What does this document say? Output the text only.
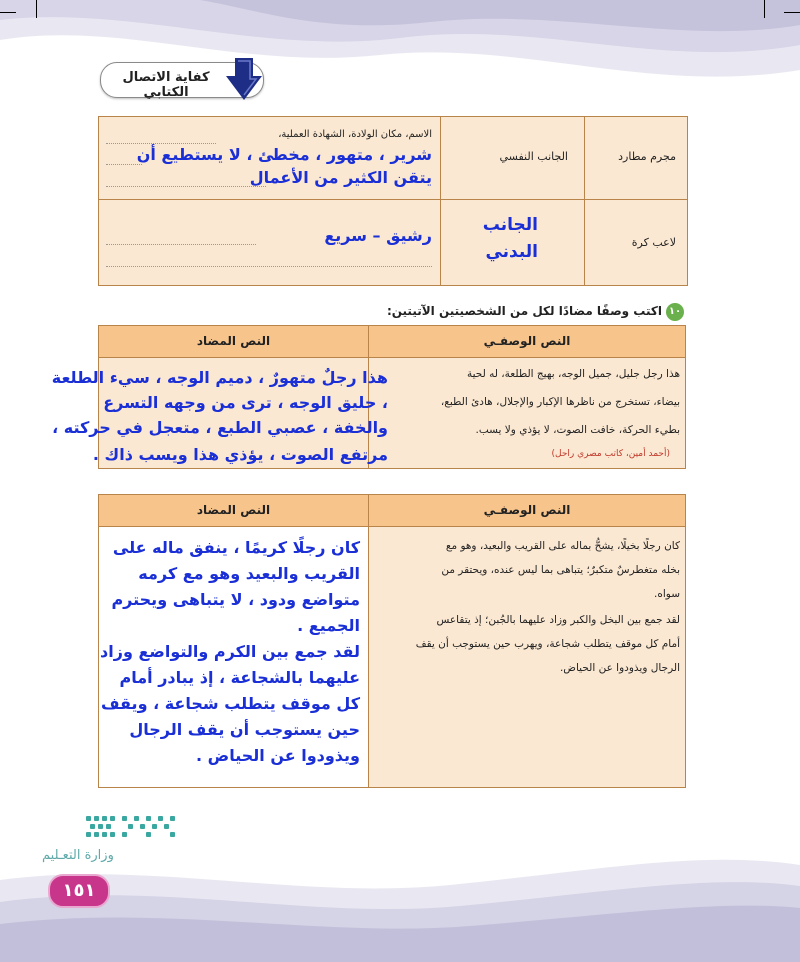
كفاية الاتصال الكتابي
مجرم مطارد
الجانب النفسي
الاسم، مكان الولادة، الشهادة العملية،
شرير ، متهور ، مخطئ ، لا يستطيع أن
يتقن الكثير من الأعمال
لاعب كرة
الجانب
البدني
رشيق – سريع
١٠
اكتب وصفًا مضادًا لكل من الشخصيتين الآتيتين:
النص الوصفـي
النص المضاد
هذا رجل جليل، جميل الوجه، بهيج الطلعة، له لحية
بيضاء، تستخرج من ناظرها الإكبار والإجلال، هادئ الطبع،
بطيء الحركة، خافت الصوت، لا يؤذي ولا يسب.
(أحمد أمين، كاتب مصري راحل)
هذا رجلٌ متهورٌ ، دميم الوجه ، سيء الطلعة
، حليق الوجه ، ترى من وجهه التسرع
والخفة ، عصبي الطبع ، متعجل في حركته ،
مرتفع الصوت ، يؤذي هذا ويسب ذاك .
النص الوصفـي
النص المضاد
كان رجلًا بخيلًا، يشحُّ بماله على القريب والبعيد، وهو مع
بخله متغطرسٌ متكبرٌ؛ يتباهى بما ليس عنده، ويحتقر من
سواه.
لقد جمع بين البخل والكبر وزاد عليهما بالجُبن؛ إذ يتقاعس
أمام كل موقف يتطلب شجاعة، ويهرب حين يستوجب أن يقف
الرجال ويذودوا عن الحياض.
كان رجلًا كريمًا ، ينفق ماله على
القريب والبعيد وهو مع كرمه
متواضع ودود ، لا يتباهى ويحترم
الجميع .
لقد جمع بين الكرم والتواضع وزاد
عليهما بالشجاعة ، إذ يبادر أمام
كل موقف يتطلب شجاعة ، ويقف
حين يستوجب أن يقف الرجال
ويذودوا عن الحياض .
وزارة التعـليم
١٥١
